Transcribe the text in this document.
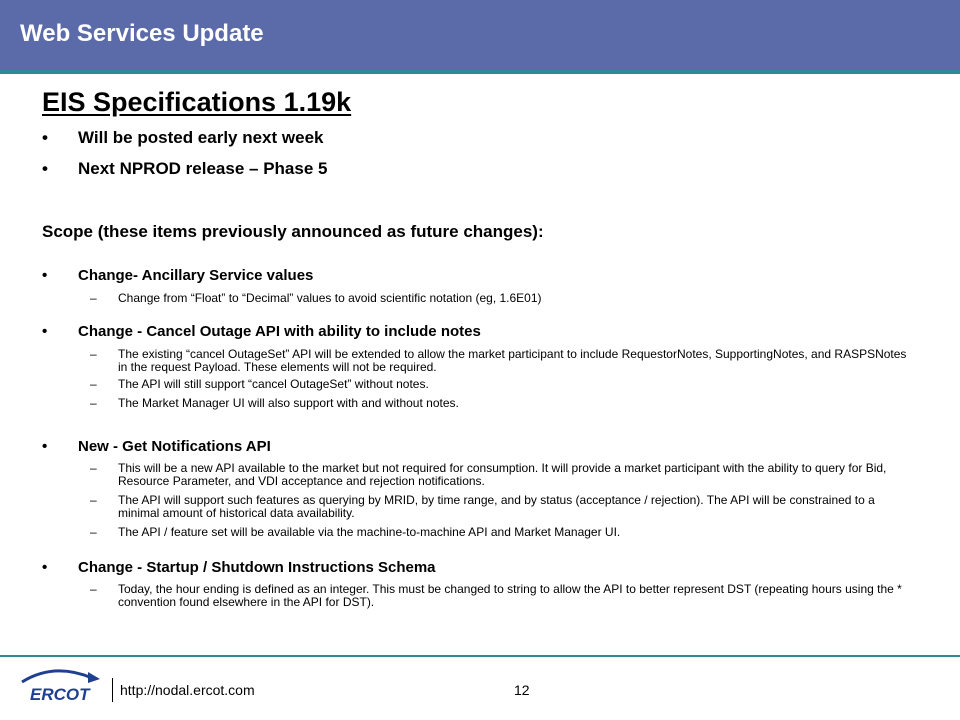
Web Services Update
EIS Specifications 1.19k
• Will be posted early next week
• Next NPROD release – Phase 5
Scope (these items previously announced as future changes):
• Change- Ancillary Service values
– Change from “Float” to “Decimal” values to avoid scientific notation (eg, 1.6E01)
• Change - Cancel Outage API with ability to include notes
– The existing “cancel OutageSet” API will be extended to allow the market participant to include RequestorNotes, SupportingNotes, and RASPSNotes in the request Payload. These elements will not be required.
– The API will still support “cancel OutageSet” without notes.
– The Market Manager UI will also support with and without notes.
• New - Get Notifications API
– This will be a new API available to the market but not required for consumption. It will provide a market participant with the ability to query for Bid, Resource Parameter, and VDI acceptance and rejection notifications.
– The API will support such features as querying by MRID, by time range, and by status (acceptance / rejection). The API will be constrained to a minimal amount of historical data availability.
– The API / feature set will be available via the machine-to-machine API and Market Manager UI.
• Change - Startup / Shutdown Instructions Schema
– Today, the hour ending is defined as an integer. This must be changed to string to allow the API to better represent DST (repeating hours using the * convention found elsewhere in the API for DST).
ERCOT http://nodal.ercot.com	12
